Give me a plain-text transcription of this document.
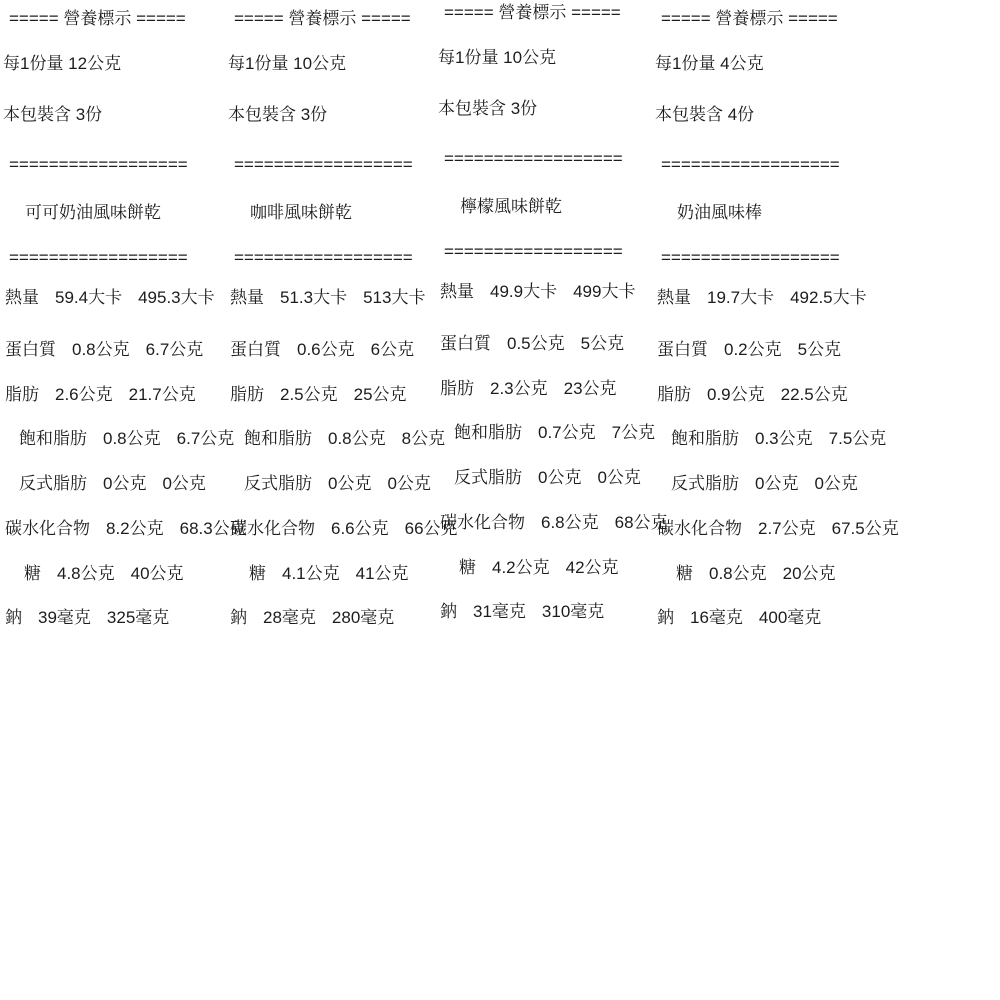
===== 營養標示 =====
每1份量 12公克
本包裝含 3份
==================
可可奶油風味餅乾
==================
熱量 59.4大卡 495.3大卡
蛋白質 0.8公克 6.7公克
脂肪 2.6公克 21.7公克
飽和脂肪 0.8公克 6.7公克
反式脂肪 0公克 0公克
碳水化合物 8.2公克 68.3公克
糖 4.8公克 40公克
鈉 39毫克 325毫克
===== 營養標示 =====
每1份量 10公克
本包裝含 3份
==================
咖啡風味餅乾
==================
熱量 51.3大卡 513大卡
蛋白質 0.6公克 6公克
脂肪 2.5公克 25公克
飽和脂肪 0.8公克 8公克
反式脂肪 0公克 0公克
碳水化合物 6.6公克 66公克
糖 4.1公克 41公克
鈉 28毫克 280毫克
===== 營養標示 =====
每1份量 10公克
本包裝含 3份
==================
檸檬風味餅乾
==================
熱量 49.9大卡 499大卡
蛋白質 0.5公克 5公克
脂肪 2.3公克 23公克
飽和脂肪 0.7公克 7公克
反式脂肪 0公克 0公克
碳水化合物 6.8公克 68公克
糖 4.2公克 42公克
鈉 31毫克 310毫克
===== 營養標示 =====
每1份量 4公克
本包裝含 4份
==================
奶油風味棒
==================
熱量 19.7大卡 492.5大卡
蛋白質 0.2公克 5公克
脂肪 0.9公克 22.5公克
飽和脂肪 0.3公克 7.5公克
反式脂肪 0公克 0公克
碳水化合物 2.7公克 67.5公克
糖 0.8公克 20公克
鈉 16毫克 400毫克
